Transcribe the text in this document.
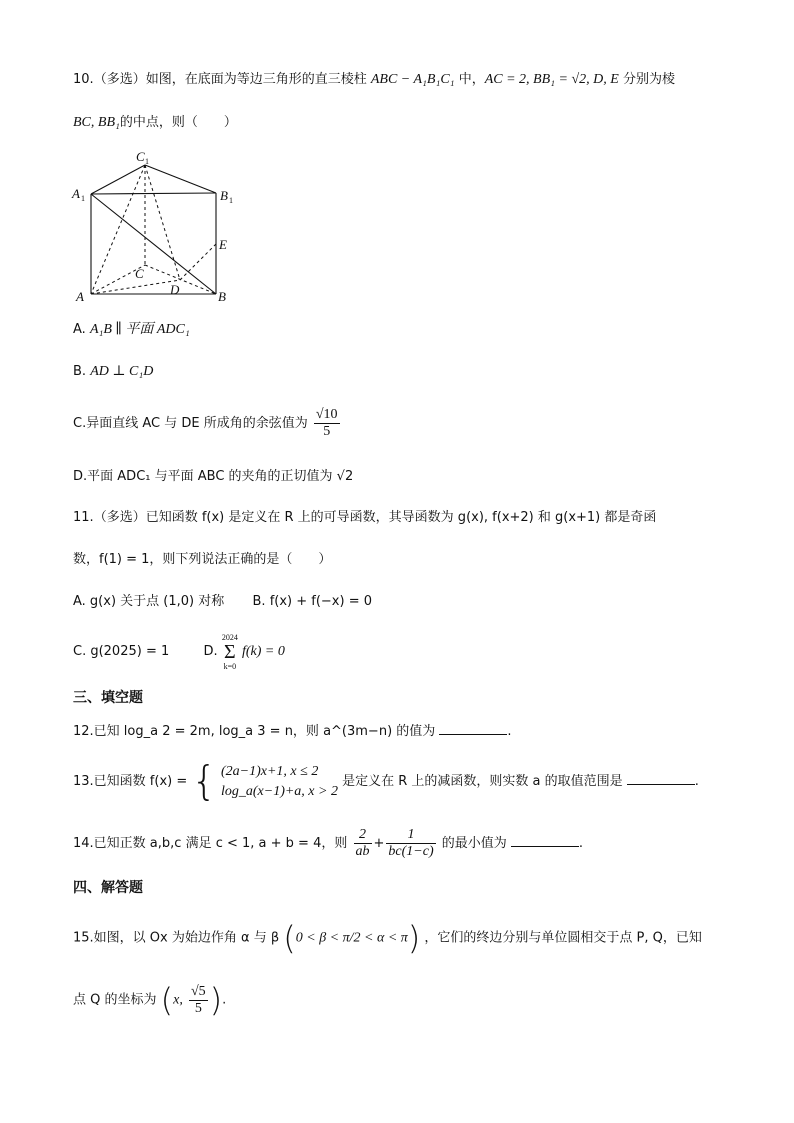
10.（多选）如图，在底面为等边三角形的直三棱柱 ABC − A₁B₁C₁ 中，AC = 2, BB₁ = √2, D, E 分别为棱
BC, BB₁的中点，则（　　）
C 1
A 1	B 1
E
C
A	D	B
A. A₁B ∥ 平面 ADC₁
B. AD ⊥ C₁D
C.异面直线 AC 与 DE 所成角的余弦值为 $\frac{√10}{5}$
D.平面 ADC₁ 与平面 ABC 的夹角的正切值为 √2
11.（多选）已知函数 f(x) 是定义在 R 上的可导函数，其导函数为 g(x), f(x+2) 和 g(x+1) 都是奇函
数，f(1) = 1，则下列说法正确的是（　　）
A. g(x) 关于点 (1,0) 对称 B. f(x) + f(−x) = 0
C. g(2025) = 1	D. 2024
Σ
k=0 f(k) = 0
三、填空题
12.已知 log_a 2 = 2m, log_a 3 = n，则 a^(3m−n) 的值为	.
13.已知函数 f(x) = { (2a−1)x+1, x ≤ 2
log_a(x−1)+a, x > 2
是定义在 R 上的减函数，则实数 a 的取值范围是	.
14.已知正数 a,b,c 满足 c < 1, a + b = 4，则 $\frac{2}{ab} + \frac{1}{bc(1-c)}$ 的最小值为	.
四、解答题
15.如图，以 Ox 为始边作角 α 与 β (0 < β < π/2 < α < π) ，它们的终边分别与单位圆相交于点 P, Q，已知
点 Q 的坐标为 (x, $\frac{√5}{5}$ ).
